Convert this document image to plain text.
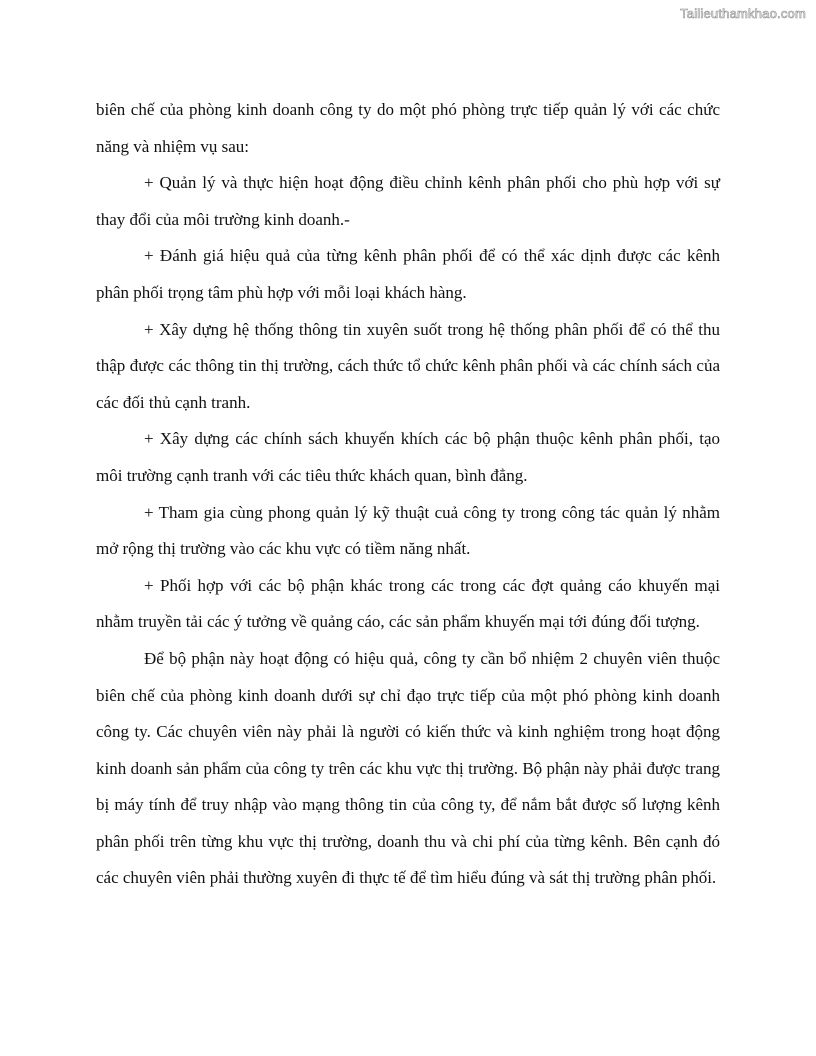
Tailieuthamkhao.com

biên chế của phòng kinh doanh công ty do một phó phòng trực tiếp quản lý với các chức năng và nhiệm vụ sau:

+ Quản lý và thực hiện hoạt động điều chỉnh kênh phân phối cho phù hợp với sự thay đổi của môi trường kinh doanh.-

+ Đánh giá hiệu quả của từng kênh phân phối để có thể xác dịnh được các kênh phân phối trọng tâm phù hợp với mỗi loại khách hàng.

+ Xây dựng hệ thống thông tin xuyên suốt trong hệ thống phân phối để có thể thu thập được các thông tin thị trường, cách thức tổ chức kênh phân phối và các chính sách của các đối thủ cạnh tranh.

+ Xây dựng các chính sách khuyến khích các bộ phận thuộc kênh phân phối, tạo môi trường cạnh tranh với các tiêu thức khách quan, bình đẳng.

+ Tham gia cùng phong quản lý kỹ thuật cuả công ty trong công tác quản lý nhằm mở rộng thị trường vào các khu vực có tiềm năng nhất.

+ Phối hợp với các bộ phận khác trong các trong các đợt quảng cáo khuyến mại nhằm truyền tải các ý tưởng về quảng cáo, các sản phẩm khuyến mại tới đúng đối tượng.

Để bộ phận này hoạt động có hiệu quả, công ty cần bổ nhiệm 2 chuyên viên thuộc biên chế của phòng kinh doanh dưới sự chỉ đạo trực tiếp của một phó phòng kinh doanh công ty. Các chuyên viên này phải là người có kiến thức và kinh nghiệm trong hoạt động kinh doanh sản phẩm của công ty trên các khu vực thị trường. Bộ phận này phải được trang bị máy tính để truy nhập vào mạng thông tin của công ty, để nắm bắt được số lượng kênh phân phối trên từng khu vực thị trường, doanh thu và chi phí của từng kênh. Bên cạnh đó các chuyên viên phải thường xuyên đi thực tế để tìm hiểu đúng và sát thị trường phân phối.
